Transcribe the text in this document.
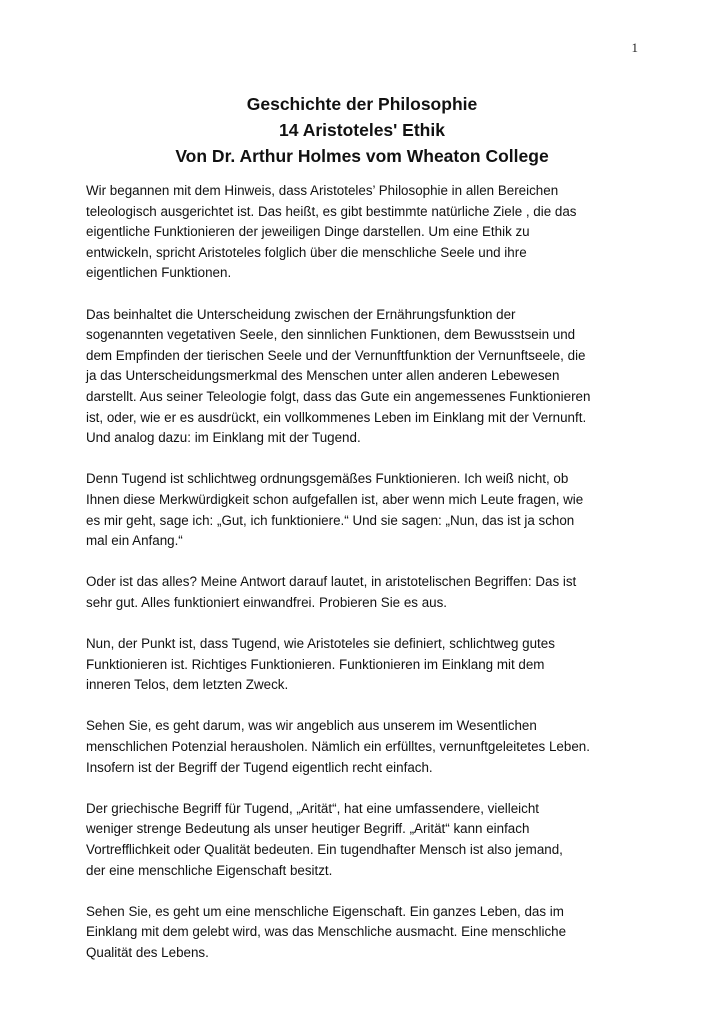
1
Geschichte der Philosophie
14 Aristoteles' Ethik
Von Dr. Arthur Holmes vom Wheaton College

Wir begannen mit dem Hinweis, dass Aristoteles’ Philosophie in allen Bereichen
teleologisch ausgerichtet ist. Das heißt, es gibt bestimmte natürliche Ziele , die das
eigentliche Funktionieren der jeweiligen Dinge darstellen. Um eine Ethik zu
entwickeln, spricht Aristoteles folglich über die menschliche Seele und ihre
eigentlichen Funktionen.

Das beinhaltet die Unterscheidung zwischen der Ernährungsfunktion der
sogenannten vegetativen Seele, den sinnlichen Funktionen, dem Bewusstsein und
dem Empfinden der tierischen Seele und der Vernunftfunktion der Vernunftseele, die
ja das Unterscheidungsmerkmal des Menschen unter allen anderen Lebewesen
darstellt. Aus seiner Teleologie folgt, dass das Gute ein angemessenes Funktionieren
ist, oder, wie er es ausdrückt, ein vollkommenes Leben im Einklang mit der Vernunft.
Und analog dazu: im Einklang mit der Tugend.

Denn Tugend ist schlichtweg ordnungsgemäßes Funktionieren. Ich weiß nicht, ob
Ihnen diese Merkwürdigkeit schon aufgefallen ist, aber wenn mich Leute fragen, wie
es mir geht, sage ich: „Gut, ich funktioniere.“ Und sie sagen: „Nun, das ist ja schon
mal ein Anfang.“

Oder ist das alles? Meine Antwort darauf lautet, in aristotelischen Begriffen: Das ist
sehr gut. Alles funktioniert einwandfrei. Probieren Sie es aus.

Nun, der Punkt ist, dass Tugend, wie Aristoteles sie definiert, schlichtweg gutes
Funktionieren ist. Richtiges Funktionieren. Funktionieren im Einklang mit dem
inneren Telos, dem letzten Zweck.

Sehen Sie, es geht darum, was wir angeblich aus unserem im Wesentlichen
menschlichen Potenzial herausholen. Nämlich ein erfülltes, vernunftgeleitetes Leben.
Insofern ist der Begriff der Tugend eigentlich recht einfach.

Der griechische Begriff für Tugend, „Arität“, hat eine umfassendere, vielleicht
weniger strenge Bedeutung als unser heutiger Begriff. „Arität“ kann einfach
Vortrefflichkeit oder Qualität bedeuten. Ein tugendhafter Mensch ist also jemand,
der eine menschliche Eigenschaft besitzt.

Sehen Sie, es geht um eine menschliche Eigenschaft. Ein ganzes Leben, das im
Einklang mit dem gelebt wird, was das Menschliche ausmacht. Eine menschliche
Qualität des Lebens.
